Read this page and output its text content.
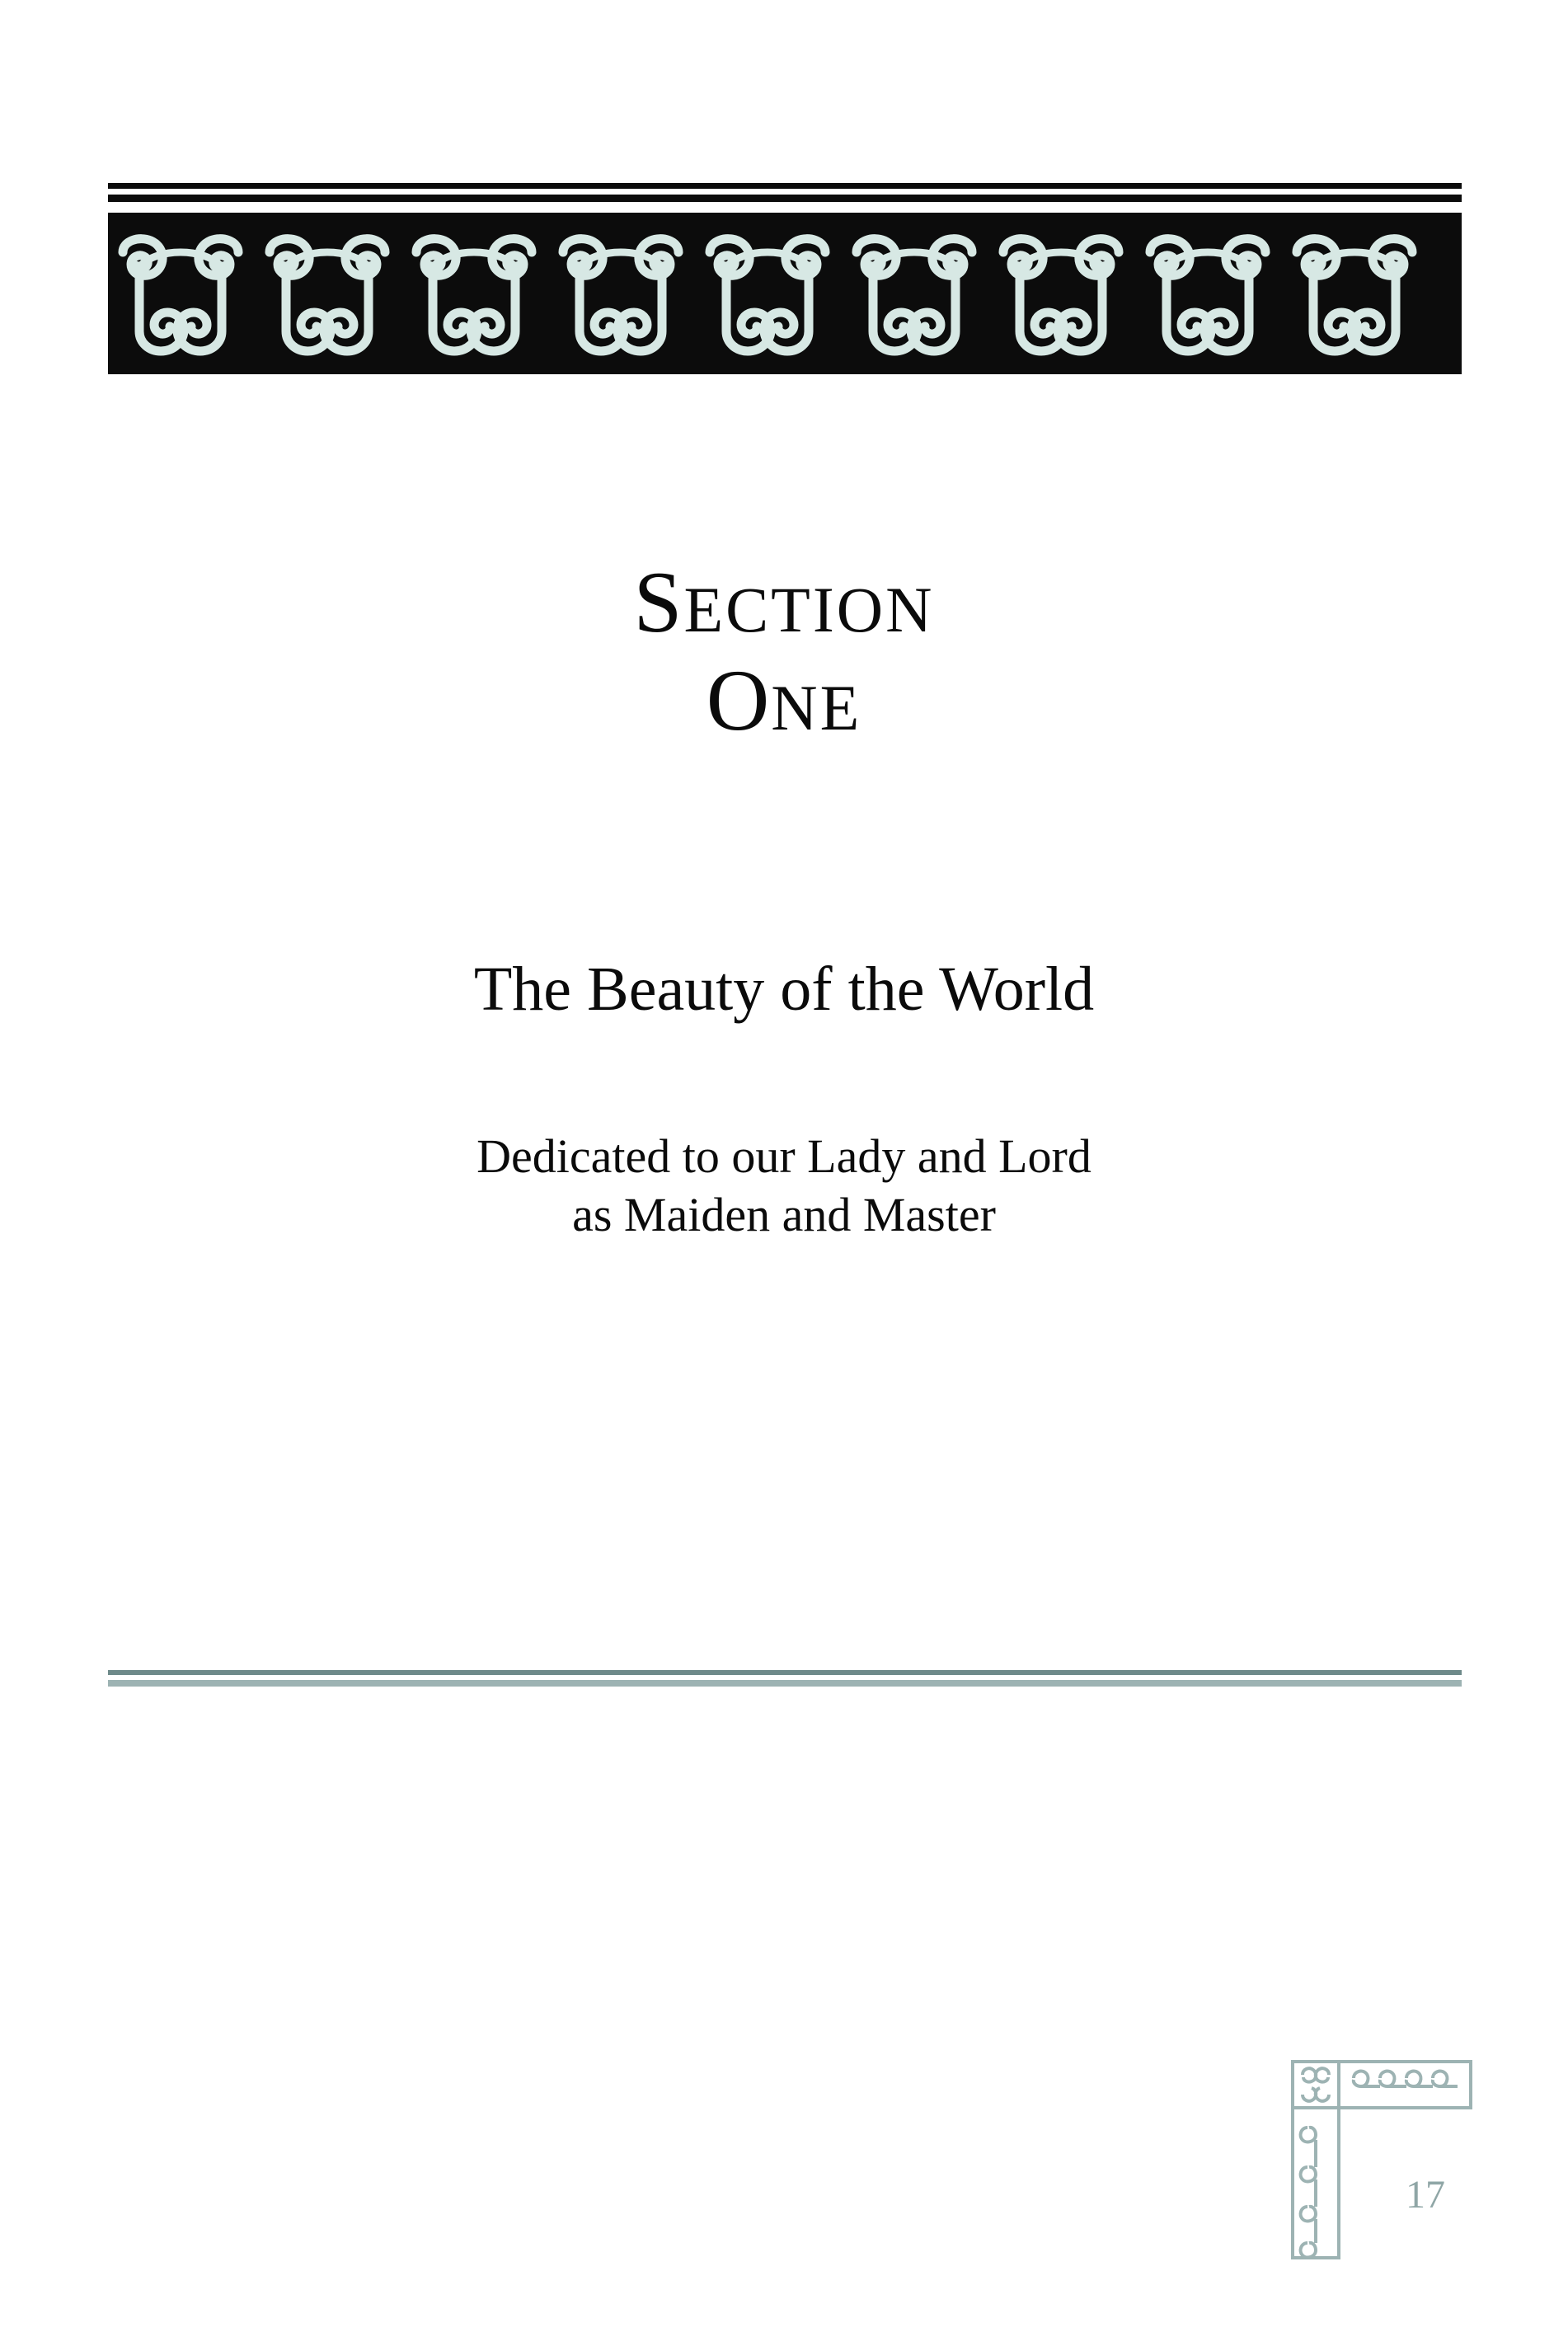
SECTION
ONE
The Beauty of the World
Dedicated to our Lady and Lord
as Maiden and Master
17
